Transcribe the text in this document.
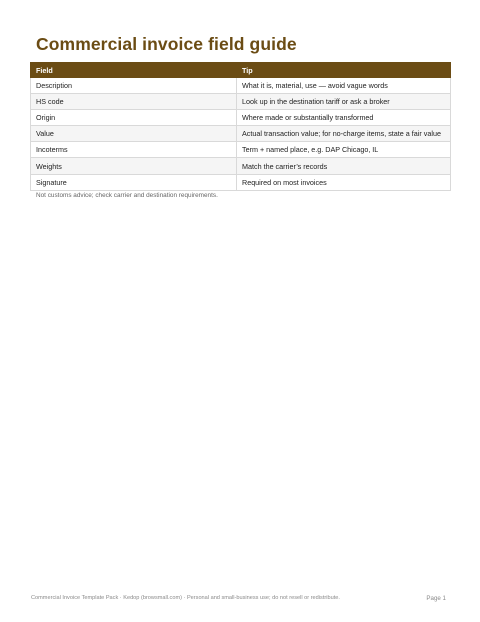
Commercial invoice field guide
Field	Tip
Description	What it is, material, use — avoid vague words
HS code	Look up in the destination tariff or ask a broker
Origin	Where made or substantially transformed
Value	Actual transaction value; for no-charge items, state a fair value
Incoterms	Term + named place, e.g. DAP Chicago, IL
Weights	Match the carrier’s records
Signature	Required on most invoices
Not customs advice; check carrier and destination requirements.
Commercial Invoice Template Pack · Kedop (browsmall.com) · Personal and small-business use; do not resell or redistribute.	Page 1
